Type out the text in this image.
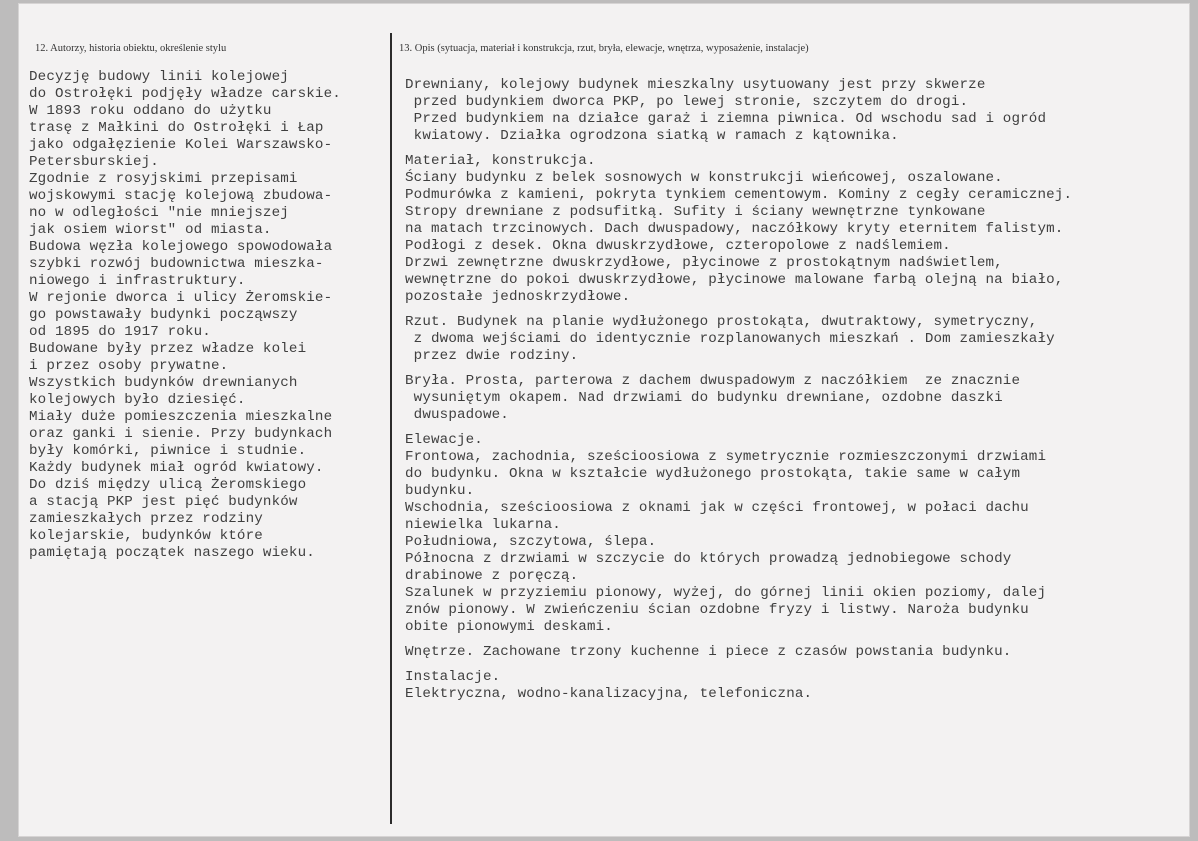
12. Autorzy, historia obiektu, określenie stylu	13. Opis (sytuacja, materiał i konstrukcja, rzut, bryła, elewacje, wnętrza, wyposażenie, instalacje)
Decyzję budowy linii kolejowej
do Ostrołęki podjęły władze carskie.
W 1893 roku oddano do użytku
trasę z Małkini do Ostrołęki i Łap
jako odgałęzienie Kolei Warszawsko-
Petersburskiej.
Zgodnie z rosyjskimi przepisami
wojskowymi stację kolejową zbudowa-
no w odległości "nie mniejszej
jak osiem wiorst" od miasta.
Budowa węzła kolejowego spowodowała
szybki rozwój budownictwa mieszka-
niowego i infrastruktury.
W rejonie dworca i ulicy Żeromskie-
go powstawały budynki począwszy
od 1895 do 1917 roku.
Budowane były przez władze kolei
i przez osoby prywatne.
Wszystkich budynków drewnianych
kolejowych było dziesięć.
Miały duże pomieszczenia mieszkalne
oraz ganki i sienie. Przy budynkach
były komórki, piwnice i studnie.
Każdy budynek miał ogród kwiatowy.
Do dziś między ulicą Żeromskiego
a stacją PKP jest pięć budynków
zamieszkałych przez rodziny
kolejarskie, budynków które
pamiętają początek naszego wieku.
Drewniany, kolejowy budynek mieszkalny usytuowany jest przy skwerze
przed budynkiem dworca PKP, po lewej stronie, szczytem do drogi.
Przed budynkiem na działce garaż i ziemna piwnica. Od wschodu sad i ogród
kwiatowy. Działka ogrodzona siatką w ramach z kątownika.
Materiał, konstrukcja.
Ściany budynku z belek sosnowych w konstrukcji wieńcowej, oszalowane.
Podmurówka z kamieni, pokryta tynkiem cementowym. Kominy z cegły ceramicznej.
Stropy drewniane z podsufitką. Sufity i ściany wewnętrzne tynkowane
na matach trzcinowych. Dach dwuspadowy, naczółkowy kryty eternitem falistym.
Podłogi z desek. Okna dwuskrzydłowe, czteropolowe z nadślemiem.
Drzwi zewnętrzne dwuskrzydłowe, płycinowe z prostokątnym nadświetlem,
wewnętrzne do pokoi dwuskrzydłowe, płycinowe malowane farbą olejną na biało,
pozostałe jednoskrzydłowe.
Rzut. Budynek na planie wydłużonego prostokąta, dwutraktowy, symetryczny,
z dwoma wejściami do identycznie rozplanowanych mieszkań . Dom zamieszkały
przez dwie rodziny.
Bryła. Prosta, parterowa z dachem dwuspadowym z naczółkiem  ze znacznie
wysuniętym okapem. Nad drzwiami do budynku drewniane, ozdobne daszki
dwuspadowe.
Elewacje.
Frontowa, zachodnia, sześcioosiowa z symetrycznie rozmieszczonymi drzwiami
do budynku. Okna w kształcie wydłużonego prostokąta, takie same w całym
budynku.
Wschodnia, sześcioosiowa z oknami jak w części frontowej, w połaci dachu
niewielka lukarna.
Południowa, szczytowa, ślepa.
Północna z drzwiami w szczycie do których prowadzą jednobiegowe schody
drabinowe z poręczą.
Szalunek w przyziemiu pionowy, wyżej, do górnej linii okien poziomy, dalej
znów pionowy. W zwieńczeniu ścian ozdobne fryzy i listwy. Naroża budynku
obite pionowymi deskami.
Wnętrze. Zachowane trzony kuchenne i piece z czasów powstania budynku.
Instalacje.
Elektryczna, wodno-kanalizacyjna, telefoniczna.
